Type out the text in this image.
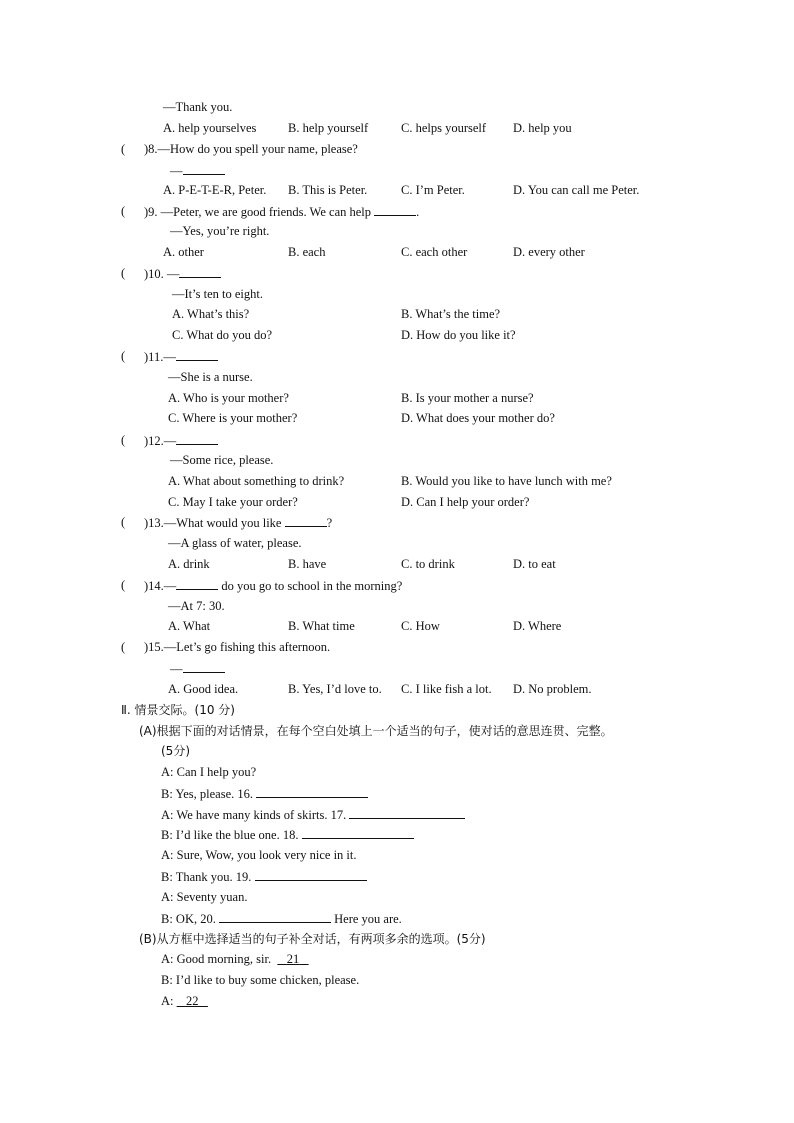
—Thank you.
A. help yourselves	B. help yourself	C. helps yourself D. help you
( )8.—How do you spell your name, please?
—
A. P-E-T-E-R, Peter. B. This is Peter.	C. I’m Peter.	D. You can call me Peter.
( )9. —Peter, we are good friends. We can help	.
—Yes, you’re right.
A. other	B. each	C. each other	D. every other
( )10. —
—It’s ten to eight.
A. What’s this?	B. What’s the time?
C. What do you do?	D. How do you like it?
( )11.—
—She is a nurse.
A. Who is your mother?	B. Is your mother a nurse?
C. Where is your mother?	D. What does your mother do?
( )12.—
—Some rice, please.
A. What about something to drink?	B. Would you like to have lunch with me?
C. May I take your order?	D. Can I help your order?
( )13.—What would you like	?
—A glass of water, please.
A. drink	B. have	C. to drink	D. to eat
( )14.—	do you go to school in the morning?
—At 7: 30.
A. What	B. What time	C. How	D. Where
( )15.—Let’s go fishing this afternoon.
—
A. Good idea.	B. Yes, I’d love to. C. I like fish a lot. D. No problem.
Ⅱ. 情景交际。(10 分)
(A)根据下面的对话情景，在每个空白处填上一个适当的句子，使对话的意思连贯、完整。
(5分)
A: Can I help you?
B: Yes, please. 16.
A: We have many kinds of skirts. 17.
B: I’d like the blue one. 18.
A: Sure, Wow, you look very nice in it.
B: Thank you. 19.
A: Seventy yuan.
B: OK, 20.	Here you are.
(B)从方框中选择适当的句子补全对话，有两项多余的选项。(5分)
A: Good morning, sir. 21
B: I’d like to buy some chicken, please.
A: 22
